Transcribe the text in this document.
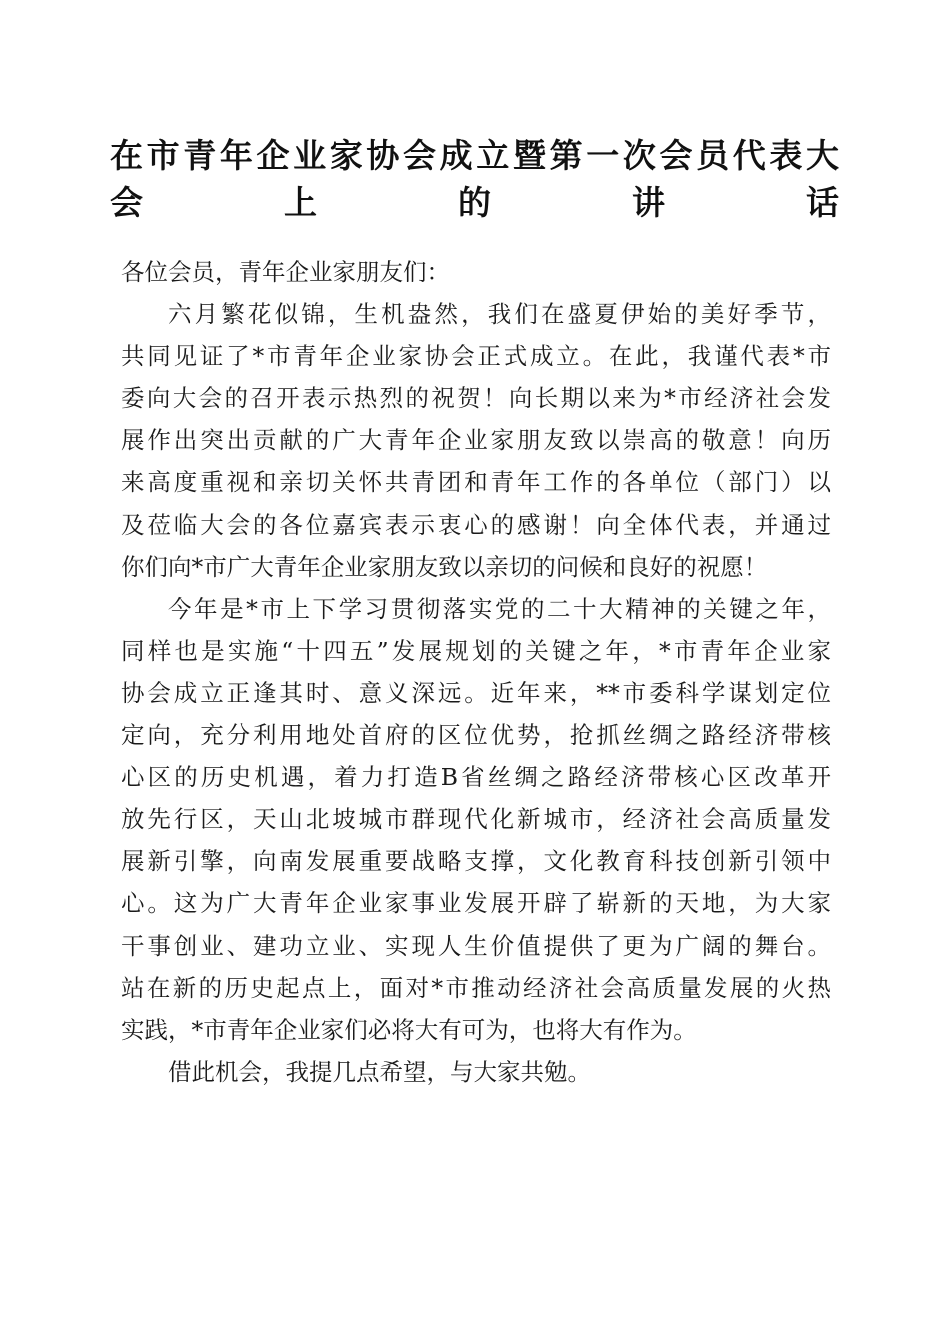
在市青年企业家协会成立暨第一次会员代表大
会上的讲话
各位会员，青年企业家朋友们：
六月繁花似锦，生机盎然，我们在盛夏伊始的美好季节，
共同见证了*市青年企业家协会正式成立。在此，我谨代表*市
委向大会的召开表示热烈的祝贺！向长期以来为*市经济社会发
展作出突出贡献的广大青年企业家朋友致以崇高的敬意！向历
来高度重视和亲切关怀共青团和青年工作的各单位（部门）以
及莅临大会的各位嘉宾表示衷心的感谢！向全体代表，并通过
你们向*市广大青年企业家朋友致以亲切的问候和良好的祝愿！
今年是*市上下学习贯彻落实党的二十大精神的关键之年，
同样也是实施“十四五”发展规划的关键之年，*市青年企业家
协会成立正逢其时、意义深远。近年来，**市委科学谋划定位
定向，充分利用地处首府的区位优势，抢抓丝绸之路经济带核
心区的历史机遇，着力打造B省丝绸之路经济带核心区改革开
放先行区，天山北坡城市群现代化新城市，经济社会高质量发
展新引擎，向南发展重要战略支撑，文化教育科技创新引领中
心。这为广大青年企业家事业发展开辟了崭新的天地，为大家
干事创业、建功立业、实现人生价值提供了更为广阔的舞台。
站在新的历史起点上，面对*市推动经济社会高质量发展的火热
实践，*市青年企业家们必将大有可为，也将大有作为。
借此机会，我提几点希望，与大家共勉。
